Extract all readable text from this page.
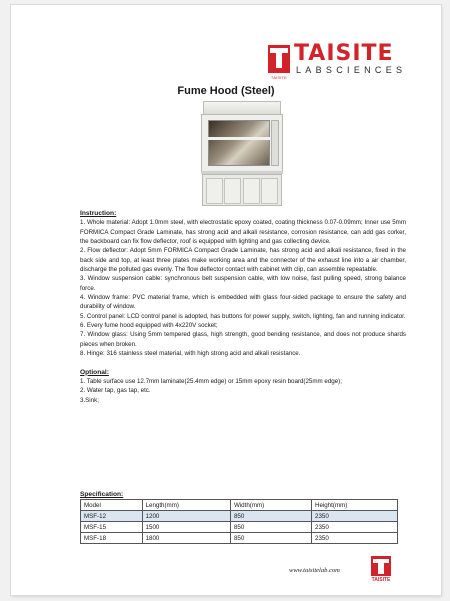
TAISITE
TAISITE
LABSCIENCES
Fume Hood (Steel)
Instruction:

1. Whole material: Adopt 1.0mm steel, with electrostatic epoxy coated, coating thickness 0.07-0.09mm; Inner use 5mm FORMICA Compact Grade Laminate, has strong acid and alkali resistance, corrosion resistance, can add gas corker, the backboard can fix flow deflector, roof is equipped with lighting and gas collecting device.

2. Flow deflector: Adopt 5mm FORMICA Compact Grade Laminate, has strong acid and alkali resistance, fixed in the back side and top, at least three plates make working area and the connecter of the exhaust line into a air chamber, discharge the polluted gas evenly. The flow deflector contact with cabinet with clip, can assemble repeatable.

3. Window suspension cable: synchronous belt suspension cable, with low noise, fast pulling speed, strong balance force.

4. Window frame: PVC material frame, which is embedded with glass four-sided package to ensure the safety and durability of window.

5. Control panel: LCD control panel is adopted, has buttons for power supply, switch, lighting, fan and running indicator.

6. Every fume hood equipped with 4x220V socket;

7. Window glass: Using 5mm tempered glass, high strength, good bending resistance, and does not produce shards pieces when broken.

8. Hinge: 316 stainless steel material, with high strong acid and alkali resistance.

Optional:

1. Table surface use 12.7mm laminate(25.4mm edge) or 15mm epoxy resin board(25mm edge);

2. Water tap, gas tap, etc.

3.Sink;

Specification:
Model	Length(mm)	Width(mm)	Height(mm)
MSF-12	1200	850	2350
MSF-15	1500	850	2350
MSF-18	1800	850	2350
www.taisitelab.com
TAISITE
